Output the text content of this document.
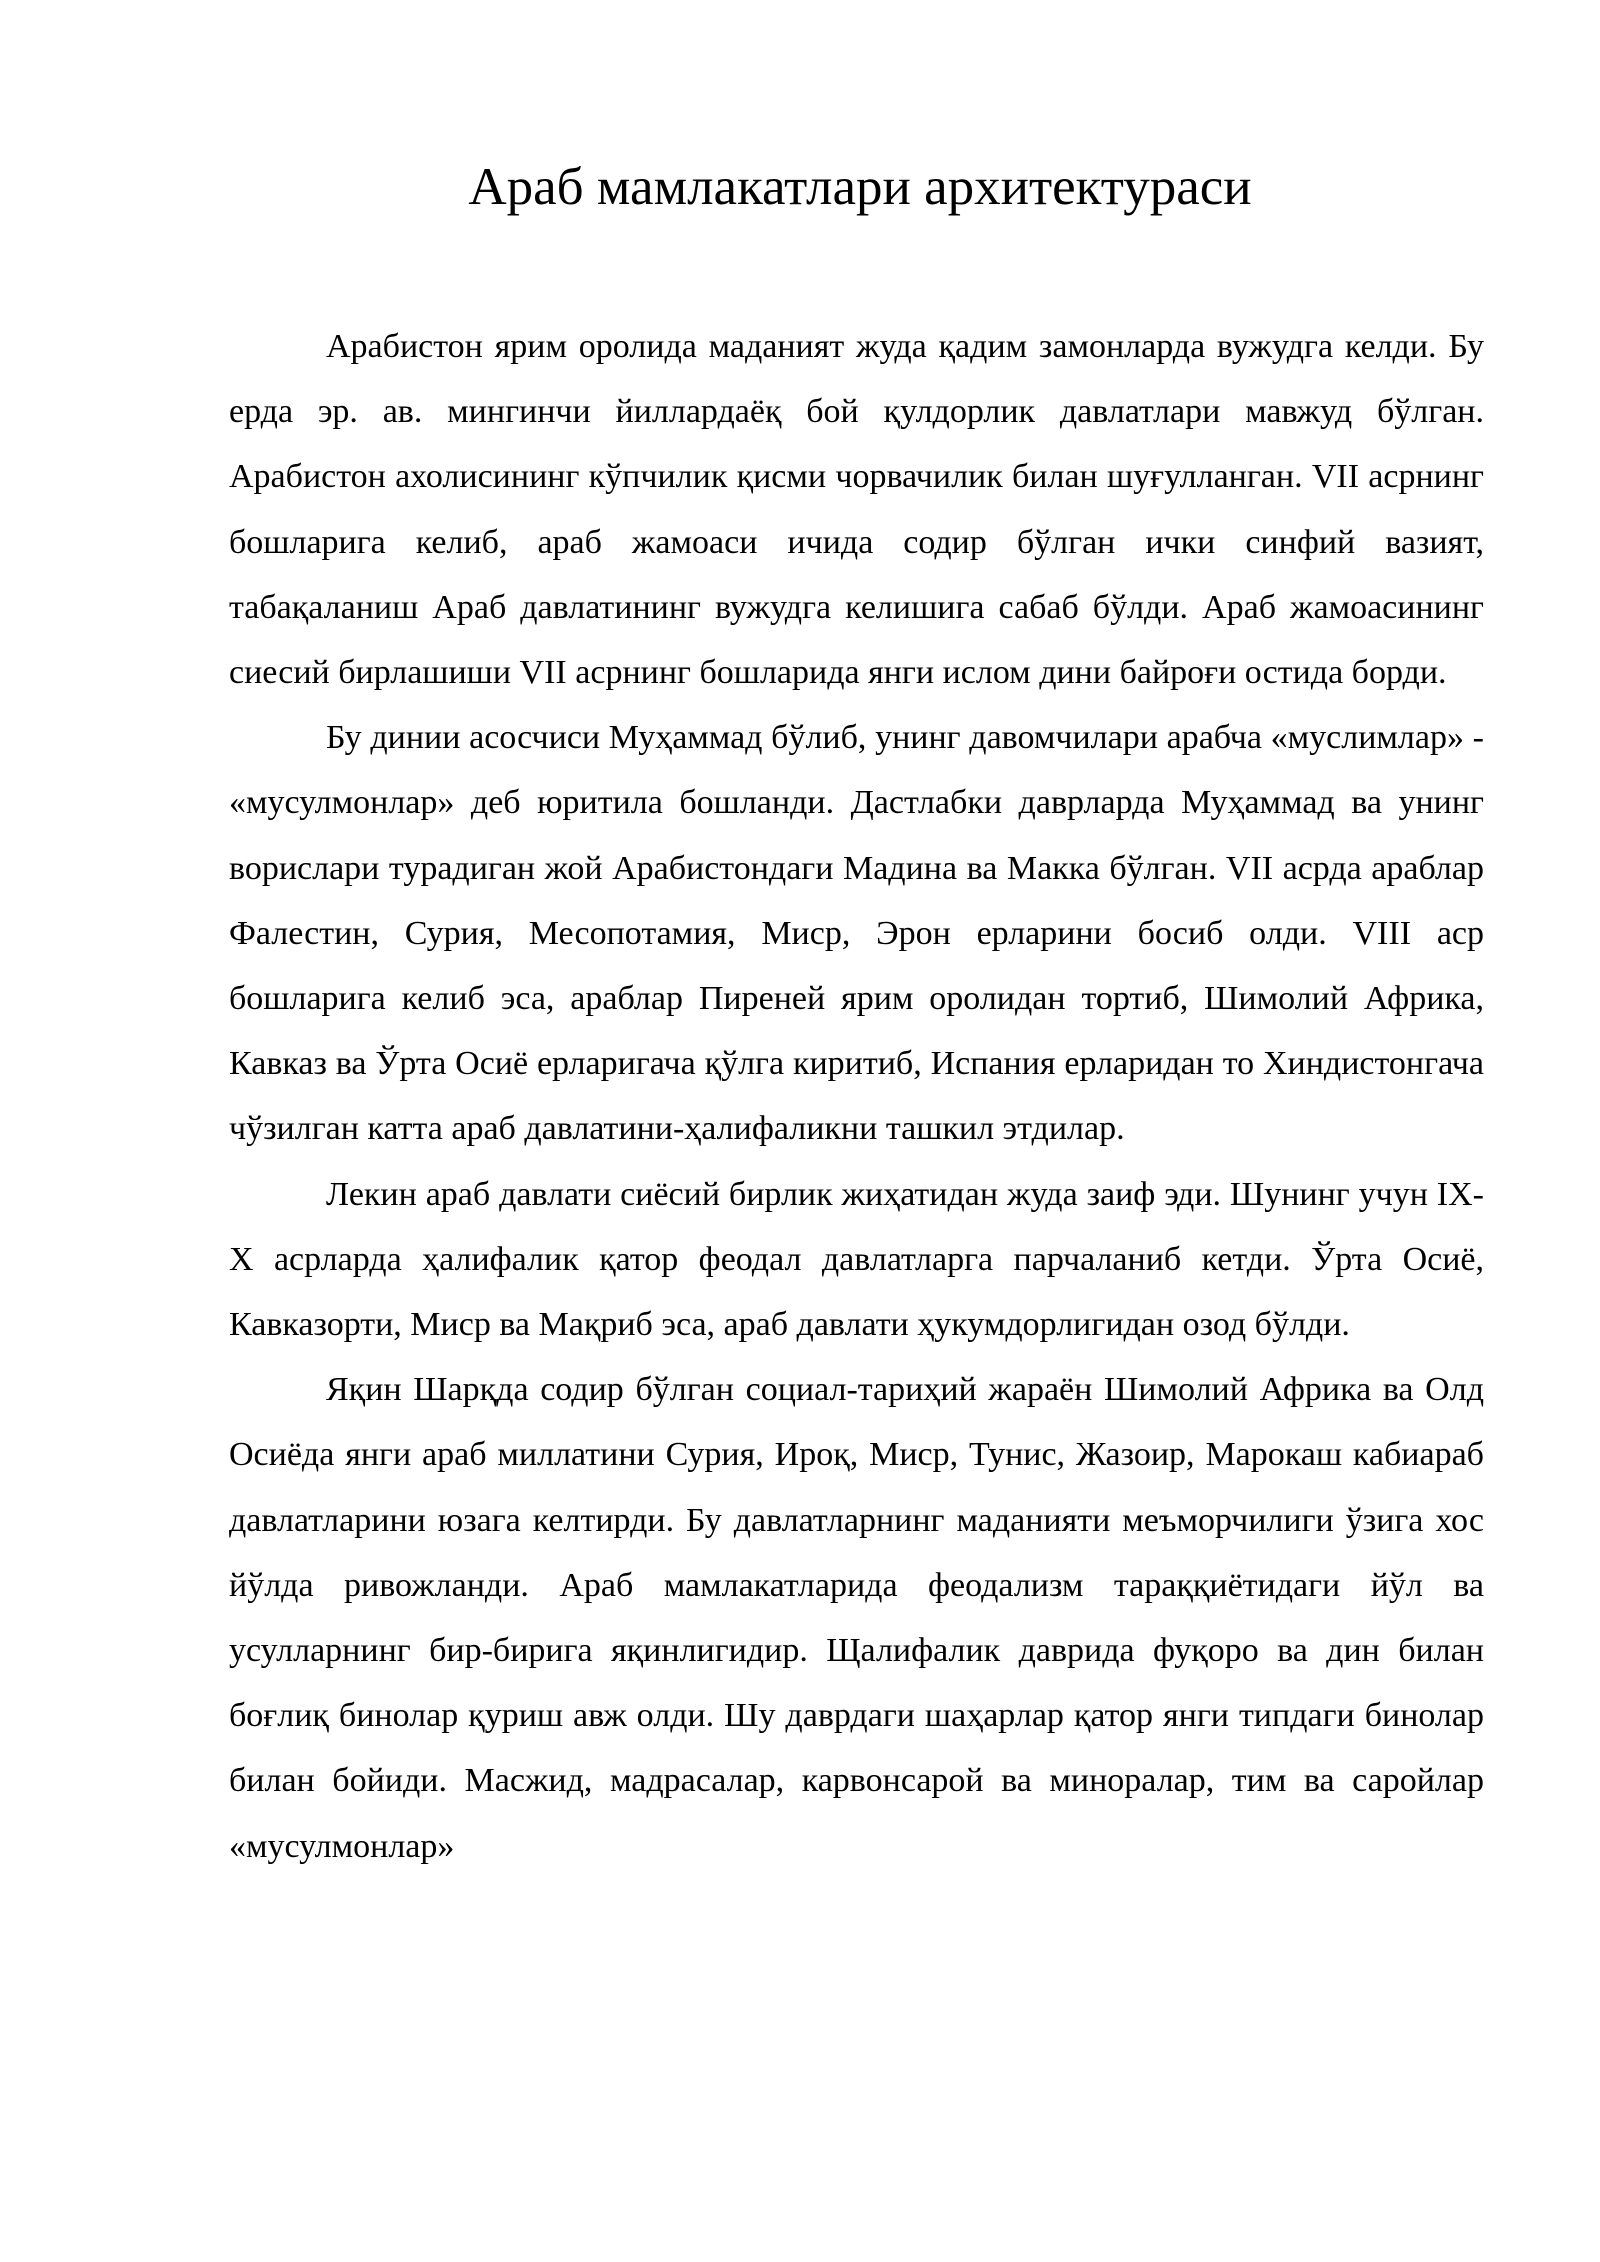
Араб мамлакатлари архитектураси

Арабистон ярим оролида маданият жуда қадим замонларда вужудга келди. Бу ерда эр. ав. мингинчи йиллардаёқ бой қулдорлик давлатлари мавжуд бўлган. Арабистон ахолисининг кўпчилик қисми чорвачилик билан шуғулланган. VII асрнинг бошларига келиб, араб жамоаси ичида содир бўлган ички синфий вазият, табақаланиш Араб давлатининг вужудга келишига сабаб бўлди. Араб жамоасининг сиесий бирлашиши VII асрнинг бошларида янги ислом дини байроғи остида борди.

Бу динии асосчиси Муҳаммад бўлиб, унинг давомчилари арабча «муслимлар» - «мусулмонлар» деб юритила бошланди. Дастлабки даврларда Муҳаммад ва унинг ворислари турадиган жой Арабистондаги Мадина ва Макка бўлган. VII асрда араблар Фалестин, Сурия, Месопотамия, Миср, Эрон ерларини босиб олди. VIII аср бошларига келиб эса, араблар Пиреней ярим оролидан тортиб, Шимолий Африка, Кавказ ва Ўрта Осиё ерларигача қўлга киритиб, Испания ерларидан то Хиндистонгача чўзилган катта араб давлатини-ҳалифаликни ташкил этдилар.

Лекин араб давлати сиёсий бирлик жиҳатидан жуда заиф эди. Шунинг учун IX-X асрларда ҳалифалик қатор феодал давлатларга парчаланиб кетди. Ўрта Осиё, Кавказорти, Миср ва Мақриб эса, араб давлати ҳукумдорлигидан озод бўлди.

Яқин Шарқда содир бўлган социал-тариҳий жараён Шимолий Африка ва Олд Осиёда янги араб миллатини Сурия, Ироқ, Миср, Тунис, Жазоир, Марокаш кабиараб давлатларини юзага келтирди. Бу давлатларнинг маданияти меъморчилиги ўзига хос йўлда ривожланди. Араб мамлакатларида феодализм тараққиётидаги йўл ва усулларнинг бир-бирига яқинлигидир. Щалифалик даврида фуқоро ва дин билан боғлиқ бинолар қуриш авж олди. Шу даврдаги шаҳарлар қатор янги типдаги бинолар билан бойиди. Масжид, мадрасалар, карвонсарой ва миноралар, тим ва саройлар «мусулмонлар»
